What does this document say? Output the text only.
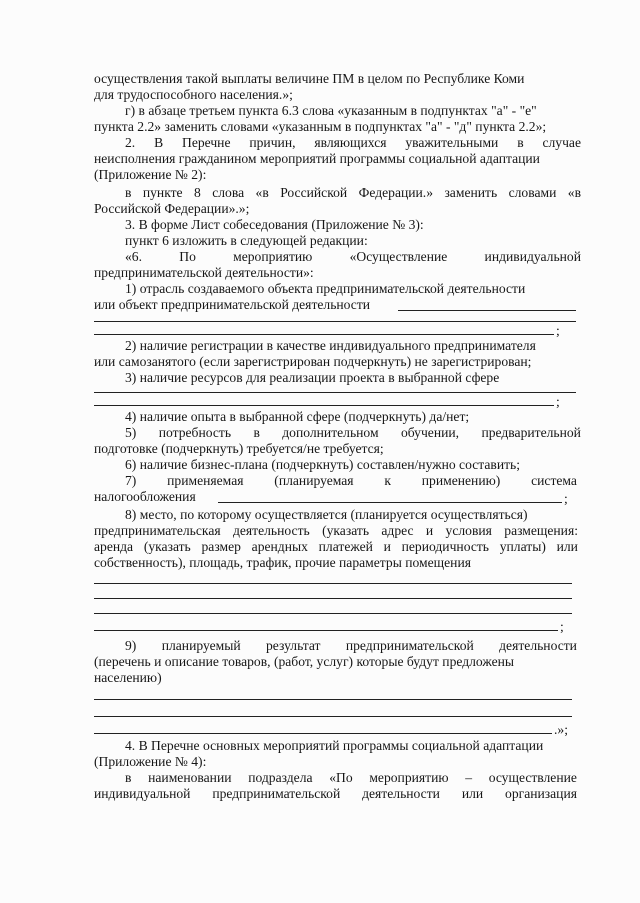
осуществления такой выплаты величине ПМ в целом по Республике Коми
для трудоспособного населения.»;
г) в абзаце третьем пункта 6.3 слова «указанным в подпунктах "а" - "е"
пункта 2.2» заменить словами «указанным в подпунктах "а" - "д" пункта 2.2»;
2. В Перечне причин, являющихся уважительными в случае
неисполнения гражданином мероприятий программы социальной адаптации
(Приложение № 2):
в пункте 8 слова «в Российской Федерации.» заменить словами «в
Российской Федерации».»;
3. В форме Лист собеседования (Приложение № 3):
пункт 6 изложить в следующей редакции:
«6.	По	мероприятию	«Осуществление	индивидуальной
предпринимательской деятельности»:
1) отрасль создаваемого объекта предпринимательской деятельности
или объект предпринимательской деятельности
;
2) наличие регистрации в качестве индивидуального предпринимателя
или самозанятого (если зарегистрирован подчеркнуть) не зарегистрирован;
3) наличие ресурсов для реализации проекта в выбранной сфере
;
4) наличие опыта в выбранной сфере (подчеркнуть) да/нет;
5) потребность в дополнительном обучении, предварительной
подготовке (подчеркнуть) требуется/не требуется;
6) наличие бизнес-плана (подчеркнуть) составлен/нужно составить;
7) применяемая (планируемая к применению) система
налогообложения	;
8) место, по которому осуществляется (планируется осуществляться)
предпринимательская деятельность (указать адрес и условия размещения:
аренда (указать размер арендных платежей и периодичность уплаты) или
собственность), площадь, трафик, прочие параметры помещения
;
9) планируемый результат предпринимательской деятельности
(перечень и описание товаров, (работ, услуг) которые будут предложены
населению)
.»;
4. В Перечне основных мероприятий программы социальной адаптации
(Приложение № 4):
в наименовании подраздела «По мероприятию – осуществление
индивидуальной предпринимательской деятельности или организация
